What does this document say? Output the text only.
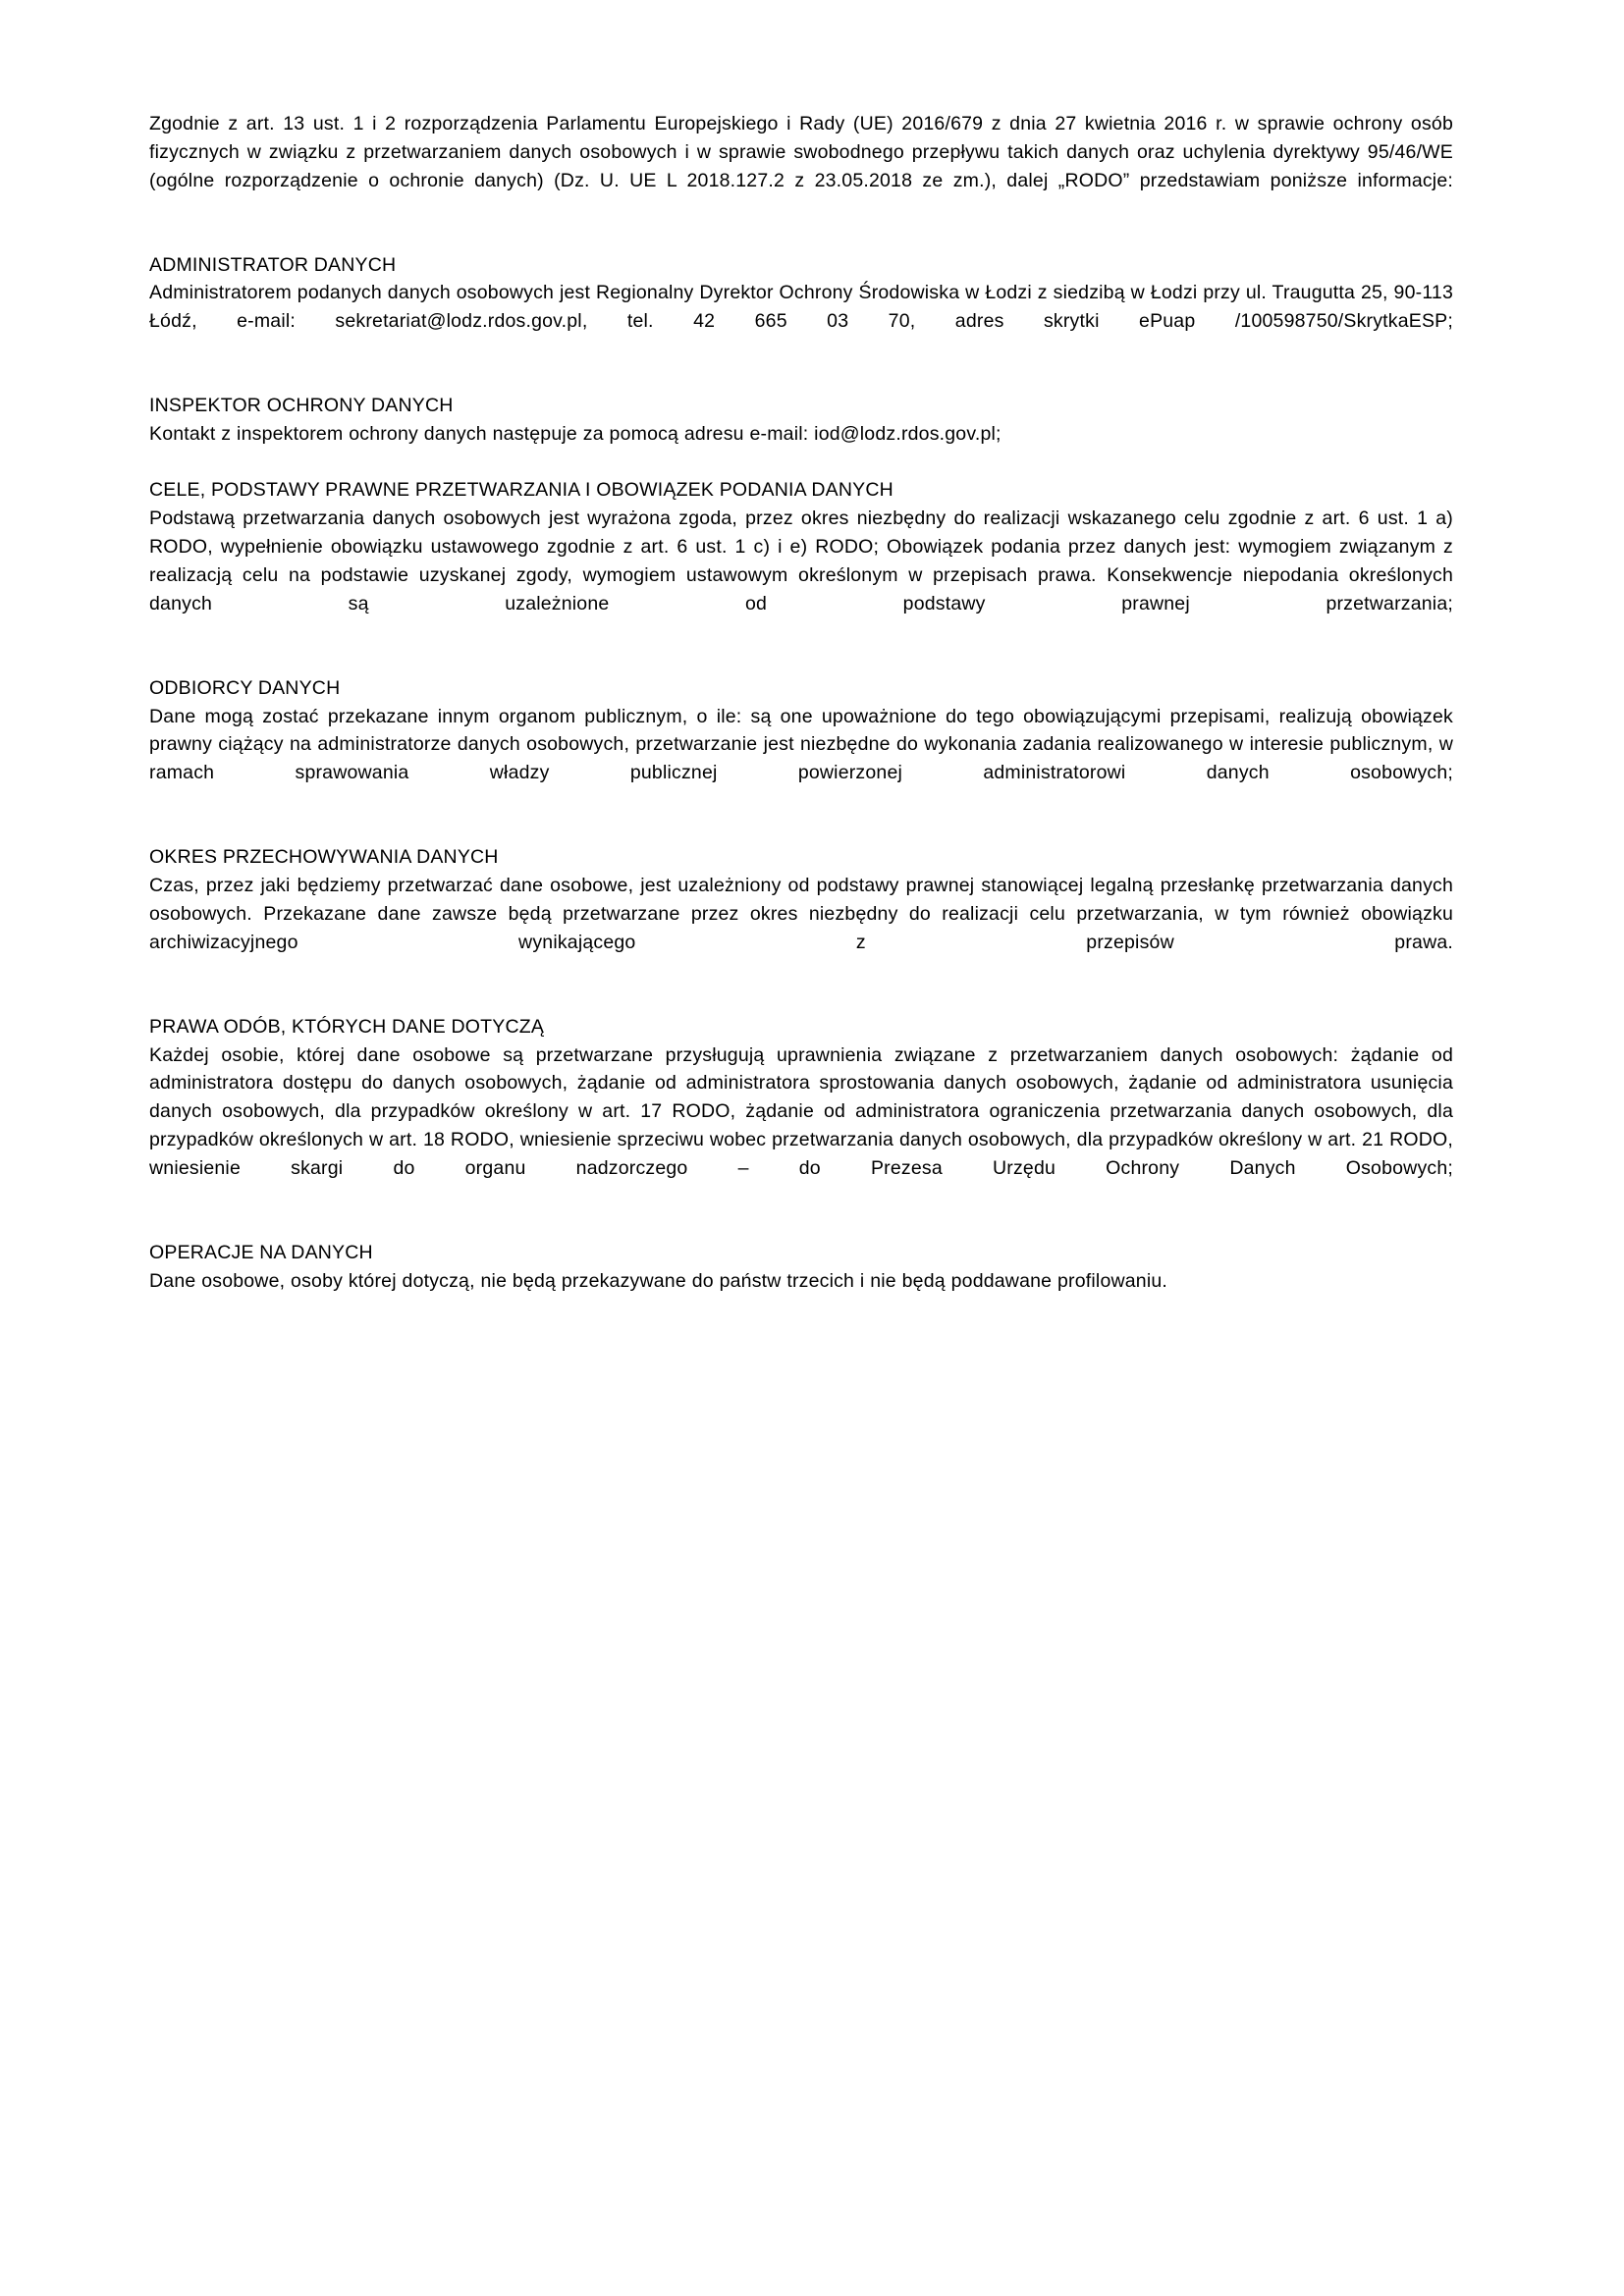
Zgodnie z art. 13 ust. 1 i 2 rozporządzenia Parlamentu Europejskiego i Rady (UE) 2016/679 z dnia 27 kwietnia 2016 r. w sprawie ochrony osób fizycznych w związku z przetwarzaniem danych osobowych i w sprawie swobodnego przepływu takich danych oraz uchylenia dyrektywy 95/46/WE (ogólne rozporządzenie o ochronie danych) (Dz. U. UE L 2018.127.2 z 23.05.2018 ze zm.), dalej „RODO” przedstawiam poniższe informacje:

ADMINISTRATOR DANYCH

Administratorem podanych danych osobowych jest Regionalny Dyrektor Ochrony Środowiska w Łodzi z siedzibą w Łodzi przy ul. Traugutta 25, 90-113 Łódź, e-mail: sekretariat@lodz.rdos.gov.pl, tel. 42 665 03 70, adres skrytki ePuap /100598750/SkrytkaESP;

INSPEKTOR OCHRONY DANYCH

Kontakt z inspektorem ochrony danych następuje za pomocą adresu e-mail: iod@lodz.rdos.gov.pl;

CELE, PODSTAWY PRAWNE PRZETWARZANIA I OBOWIĄZEK PODANIA DANYCH

Podstawą przetwarzania danych osobowych jest wyrażona zgoda, przez okres niezbędny do realizacji wskazanego celu zgodnie z art. 6 ust. 1 a) RODO, wypełnienie obowiązku ustawowego zgodnie z art. 6 ust. 1 c) i e) RODO; Obowiązek podania przez danych jest: wymogiem związanym z realizacją celu na podstawie uzyskanej zgody, wymogiem ustawowym określonym w przepisach prawa. Konsekwencje niepodania określonych danych są uzależnione od podstawy prawnej przetwarzania;

ODBIORCY DANYCH

Dane mogą zostać przekazane innym organom publicznym, o ile: są one upoważnione do tego obowiązującymi przepisami, realizują obowiązek prawny ciążący na administratorze danych osobowych, przetwarzanie jest niezbędne do wykonania zadania realizowanego w interesie publicznym, w ramach sprawowania władzy publicznej powierzonej administratorowi danych osobowych;

OKRES PRZECHOWYWANIA DANYCH

Czas, przez jaki będziemy przetwarzać dane osobowe, jest uzależniony od podstawy prawnej stanowiącej legalną przesłankę przetwarzania danych osobowych. Przekazane dane zawsze będą przetwarzane przez okres niezbędny do realizacji celu przetwarzania, w tym również obowiązku archiwizacyjnego wynikającego z przepisów prawa.

PRAWA ODÓB, KTÓRYCH DANE DOTYCZĄ

Każdej osobie, której dane osobowe są przetwarzane przysługują uprawnienia związane z przetwarzaniem danych osobowych: żądanie od administratora dostępu do danych osobowych, żądanie od administratora sprostowania danych osobowych, żądanie od administratora usunięcia danych osobowych, dla przypadków określony w art. 17 RODO, żądanie od administratora ograniczenia przetwarzania danych osobowych, dla przypadków określonych w art. 18 RODO, wniesienie sprzeciwu wobec przetwarzania danych osobowych, dla przypadków określony w art. 21 RODO, wniesienie skargi do organu nadzorczego – do Prezesa Urzędu Ochrony Danych Osobowych;

OPERACJE NA DANYCH

Dane osobowe, osoby której dotyczą, nie będą przekazywane do państw trzecich i nie będą poddawane profilowaniu.
